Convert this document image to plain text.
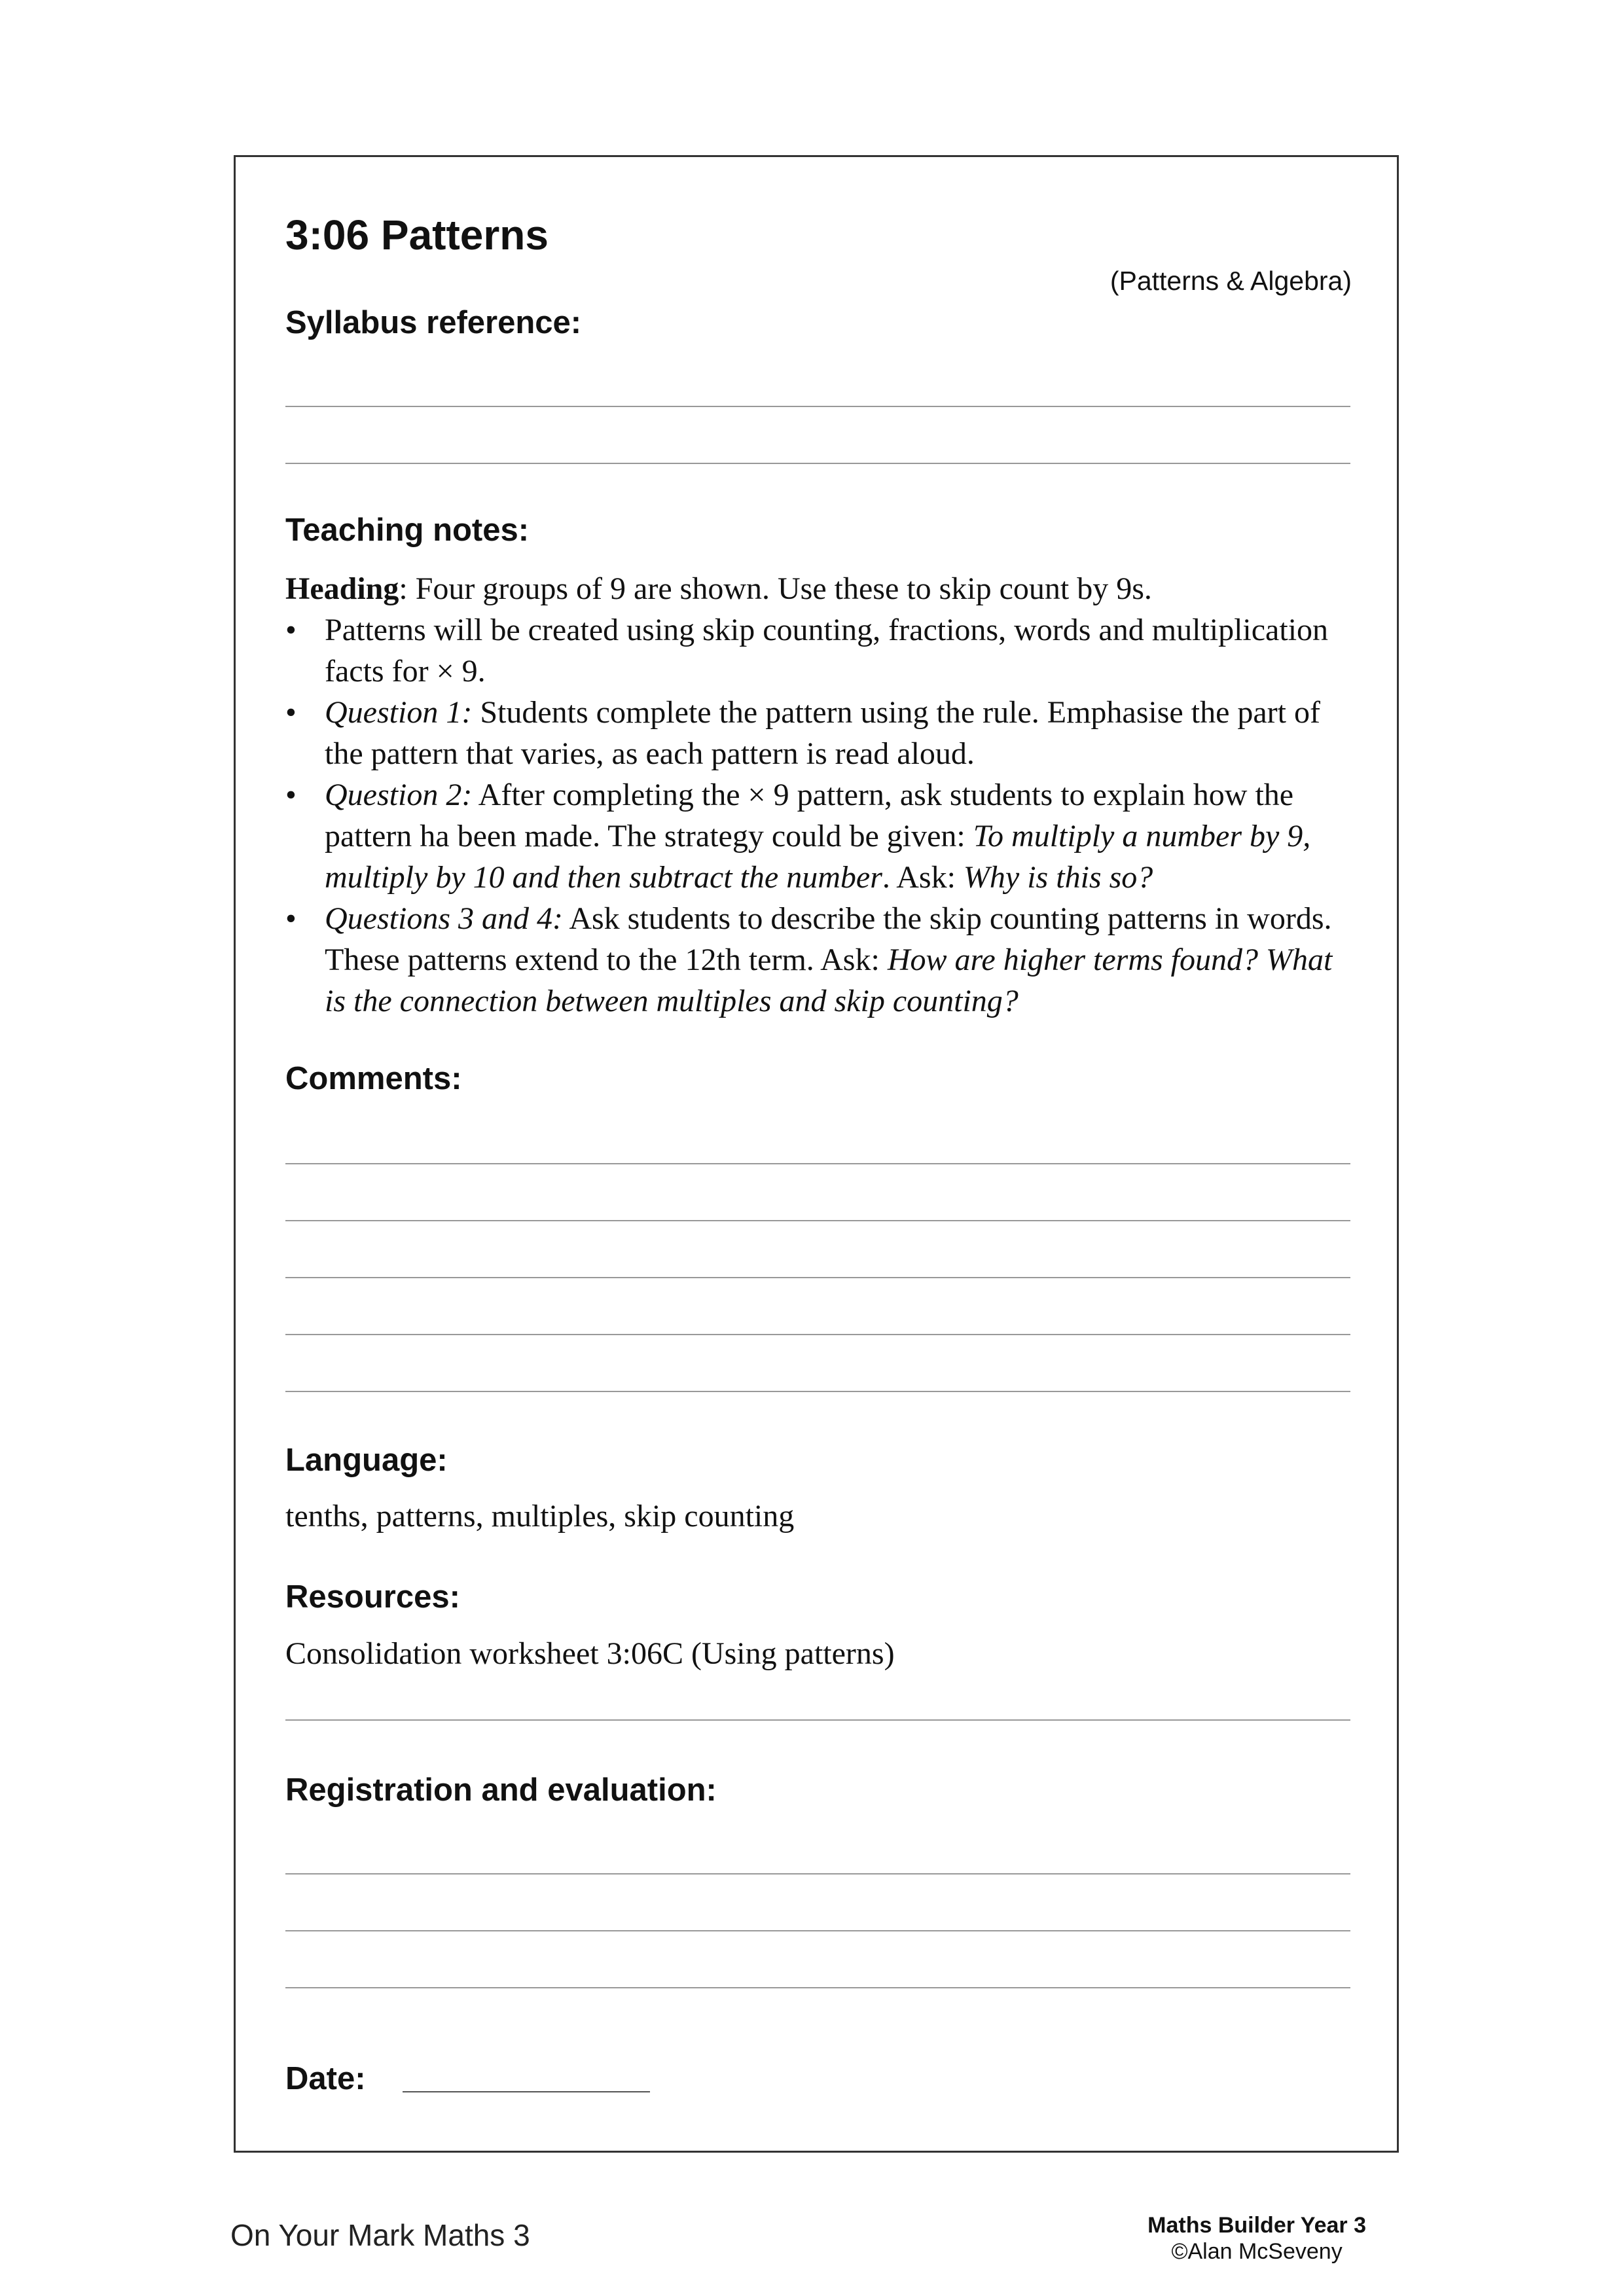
3:06 Patterns
(Patterns & Algebra)
Syllabus reference:
Teaching notes:

Heading: Four groups of 9 are shown. Use these to skip count by 9s.

• Patterns will be created using skip counting, fractions, words and multiplication facts for × 9.
• Question 1: Students complete the pattern using the rule. Emphasise the part of the pattern that varies, as each pattern is read aloud.
• Question 2: After completing the × 9 pattern, ask students to explain how the pattern ha been made. The strategy could be given: To multiply a number by 9, multiply by 10 and then subtract the number. Ask: Why is this so?
• Questions 3 and 4: Ask students to describe the skip counting patterns in words. These patterns extend to the 12th term. Ask: How are higher terms found? What is the connection between multiples and skip counting?
Comments:
Language:
tenths, patterns, multiples, skip counting
Resources:
Consolidation worksheet 3:06C (Using patterns)
Registration and evaluation:
Date:
On Your Mark Maths 3	Maths Builder Year 3
©Alan McSeveny
